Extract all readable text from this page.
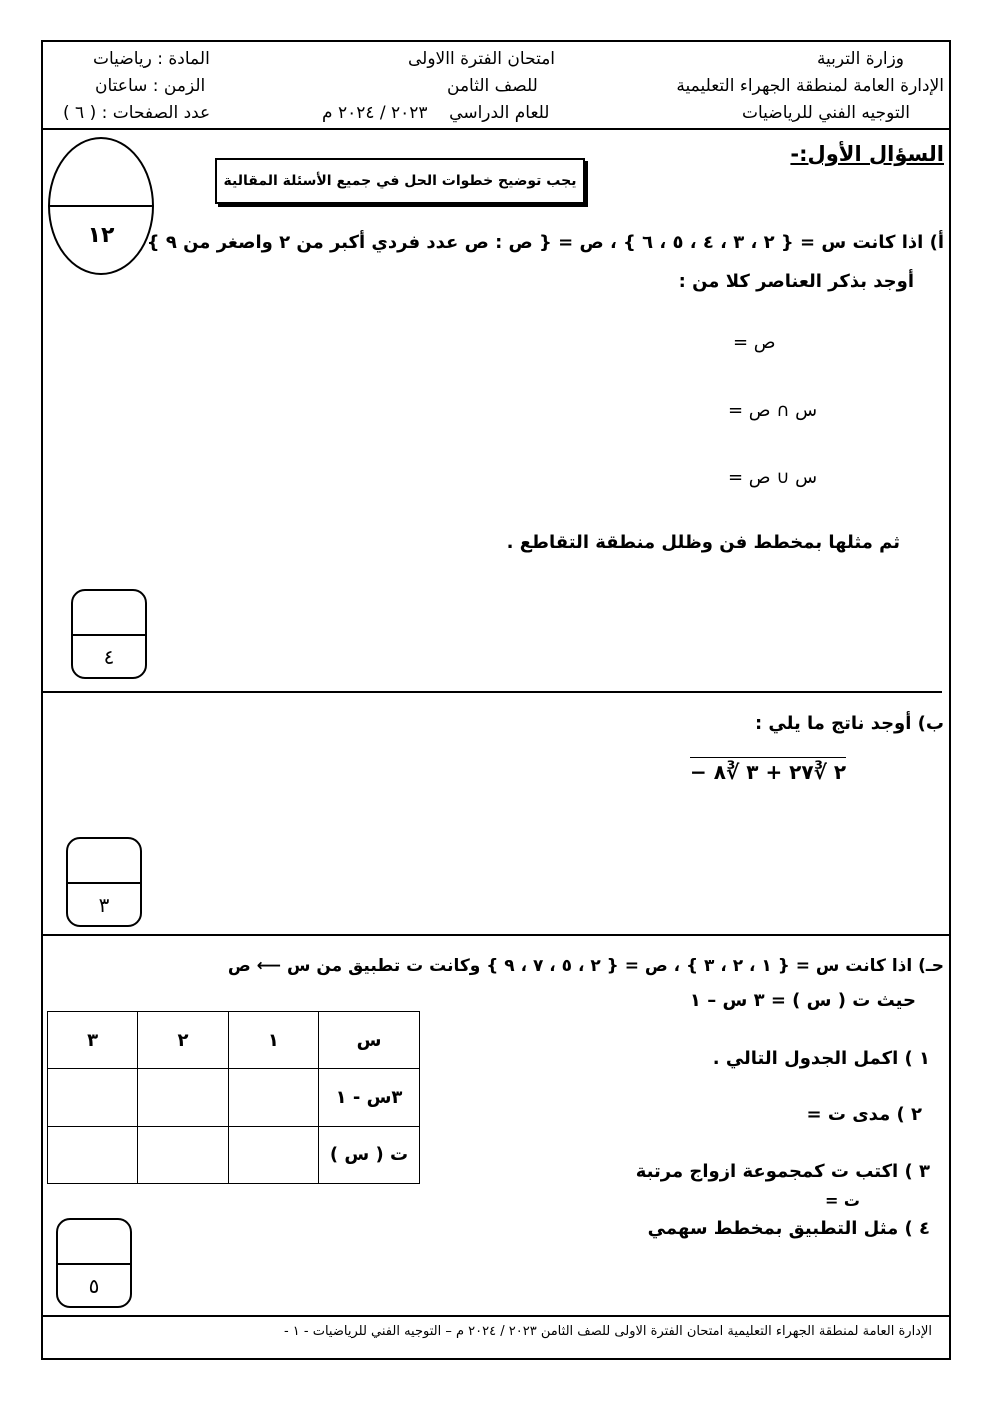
وزارة التربية
الإدارة العامة لمنطقة الجهراء التعليمية
التوجيه الفني للرياضيات
امتحان الفترة االاولى
للصف الثامن
للعام الدراسي    ٢٠٢٣ / ٢٠٢٤ م
المادة : رياضيات
الزمن : ساعتان
عدد الصفحات : ( ٦ )
السؤال الأول:-
يجب توضيح خطوات الحل في جميع الأسئلة المقالية
١٢	أ) اذا كانت س = { ٢ ، ٣ ، ٤ ، ٥ ، ٦ } ، ص = { ص : ص عدد فردي أكبر من ٢ واصغر من ٩ }
أوجد بذكر العناصر كلا من :
ص =
س ∩ ص =
س ∪ ص =
ثم مثلها بمخطط فن وظلل منطقة التقاطع .
٤
ب) أوجد ناتج ما يلي :
٢ ∛٢٧ + ٣ ∛٨ −
٣
حـ) اذا كانت س = { ١ ، ٢ ، ٣ } ، ص = { ٢ ، ٥ ، ٧ ، ٩ } وكانت ت تطبيق من س ⟵ ص
حيث ت ( س ) = ٣ س – ١
٣	٢	١	س
			٣س - ١
			ت ( س )
١ ) اكمل الجدول التالي .
٢ ) مدى ت =
٣ ) اكتب ت كمجموعة ازواج مرتبة
ت =
٤ ) مثل التطبيق بمخطط سهمي
٥
الإدارة العامة لمنطقة الجهراء التعليمية امتحان الفترة الاولى للصف الثامن ٢٠٢٣ / ٢٠٢٤ م – التوجيه الفني للرياضيات - ١ -
